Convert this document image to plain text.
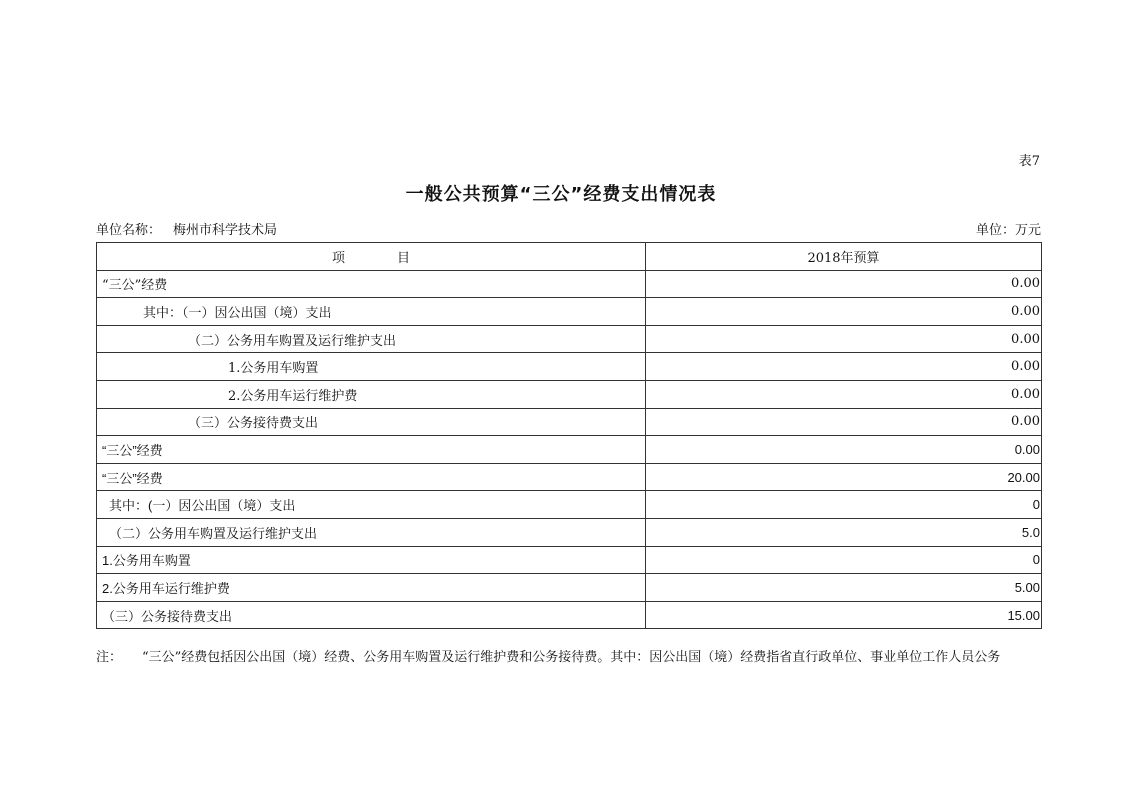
表7
一般公共预算“三公”经费支出情况表
单位名称： 梅州市科学技术局	单位：万元
项　　　　目	2018年预算
“三公”经费	0.00
其中：（一）因公出国（境）支出	0.00
（二）公务用车购置及运行维护支出	0.00
1.公务用车购置	0.00
2.公务用车运行维护费	0.00
（三）公务接待费支出	0.00
“三公”经费	0.00
“三公”经费	20.00
其中：(一）因公出国（境）支出	0
（二）公务用车购置及运行维护支出	5.0
1.公务用车购置	0
2.公务用车运行维护费	5.00
（三）公务接待费支出	15.00
注： “三公”经费包括因公出国（境）经费、公务用车购置及运行维护费和公务接待费。其中：因公出国（境）经费指省直行政单位、事业单位工作人员公务
